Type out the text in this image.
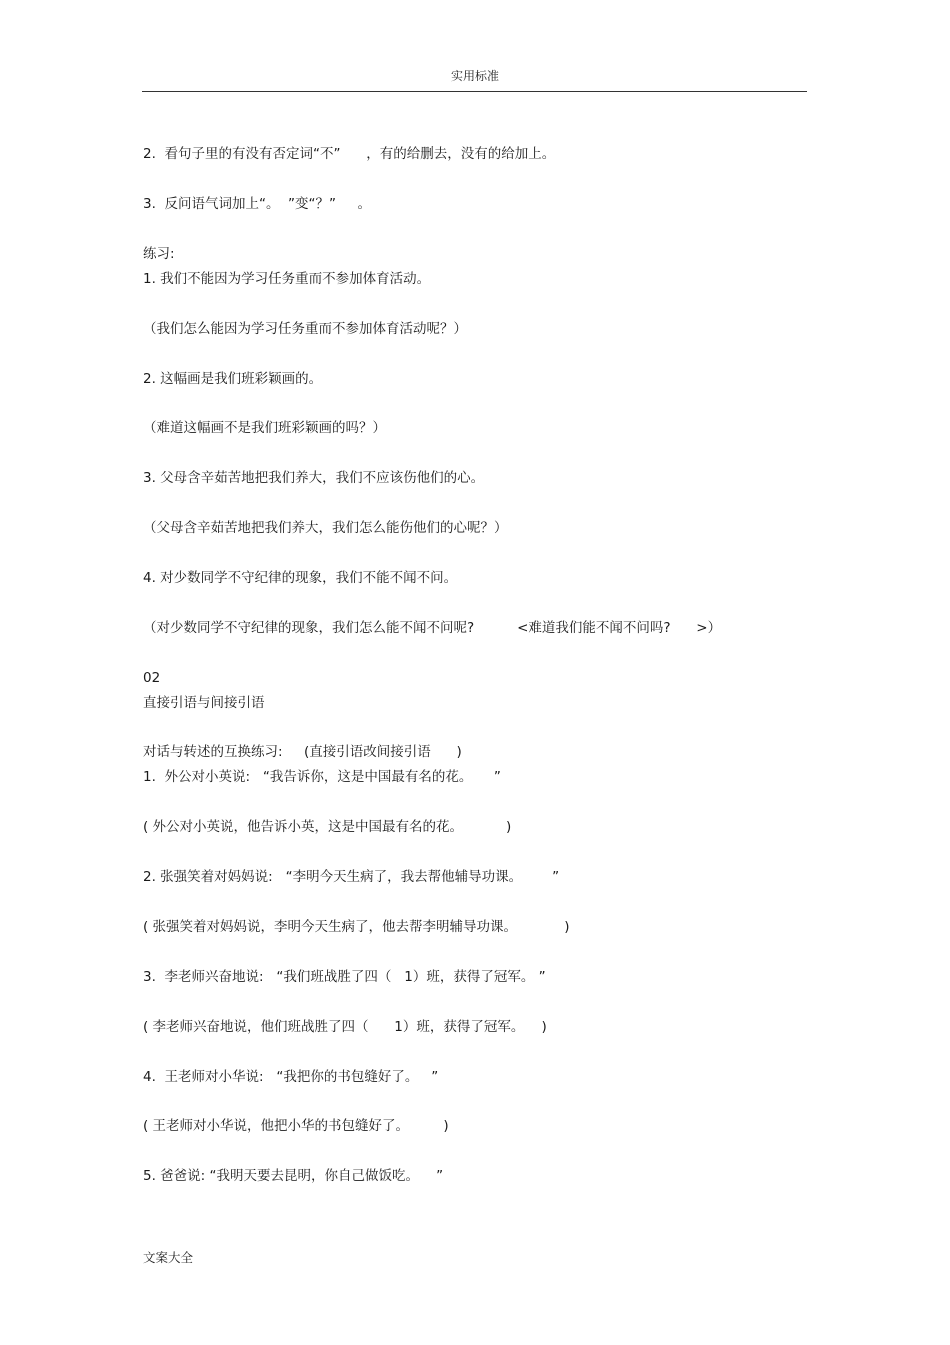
实用标准
2.  看句子里的有没有否定词“不”      ，有的给删去，没有的给加上。
3.  反问语气词加上“。  ”变“？”     。
练习:
1. 我们不能因为学习任务重而不参加体育活动。
（我们怎么能因为学习任务重而不参加体育活动呢？）
2. 这幅画是我们班彩颖画的。
（难道这幅画不是我们班彩颖画的吗？）
3. 父母含辛茹苦地把我们养大，我们不应该伤他们的心。
（父母含辛茹苦地把我们养大，我们怎么能伤他们的心呢？）
4. 对少数同学不守纪律的现象，我们不能不闻不问。
（对少数同学不守纪律的现象，我们怎么能不闻不问呢?          <难道我们能不闻不问吗?      >）
02
直接引语与间接引语
对话与转述的互换练习:     (直接引语改间接引语      )
1.  外公对小英说:   “我告诉你，这是中国最有名的花。     ”
( 外公对小英说，他告诉小英，这是中国最有名的花。          )
2. 张强笑着对妈妈说:   “李明今天生病了，我去帮他辅导功课。       ”
( 张强笑着对妈妈说，李明今天生病了，他去帮李明辅导功课。           )
3.  李老师兴奋地说:   “我们班战胜了四（   1）班，获得了冠军。 ”
( 李老师兴奋地说，他们班战胜了四（      1）班，获得了冠军。    )
4.  王老师对小华说:   “我把你的书包缝好了。   ”
( 王老师对小华说，他把小华的书包缝好了。        )
5. 爸爸说: “我明天要去昆明，你自己做饭吃。    ”
文案大全
